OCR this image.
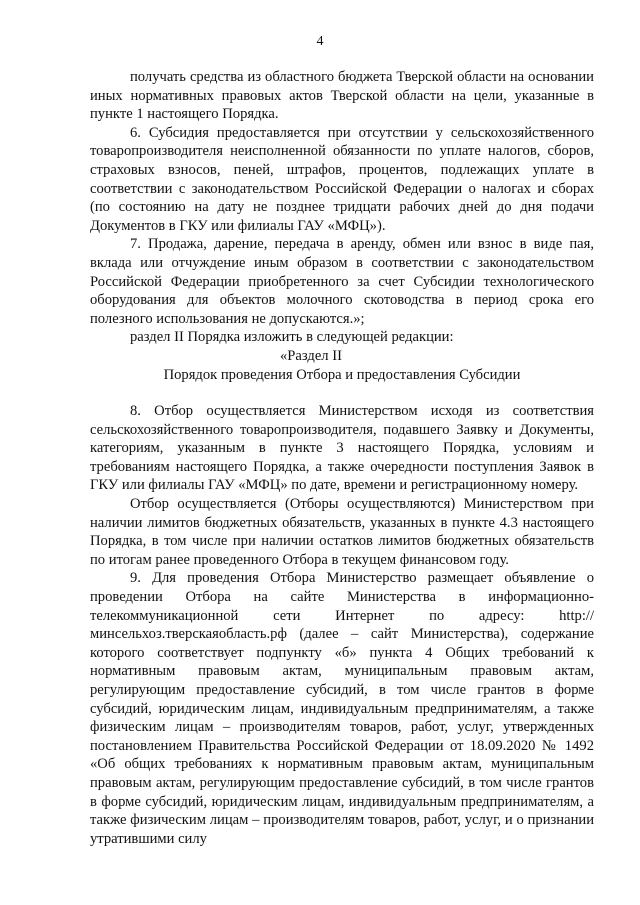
4

получать средства из областного бюджета Тверской области на основании иных нормативных правовых актов Тверской области на цели, указанные в пункте 1 настоящего Порядка.

6. Субсидия предоставляется при отсутствии у сельскохозяйственного товаропроизводителя неисполненной обязанности по уплате налогов, сборов, страховых взносов, пеней, штрафов, процентов, подлежащих уплате в соответствии с законодательством Российской Федерации о налогах и сборах (по состоянию на дату не позднее тридцати рабочих дней до дня подачи Документов в ГКУ или филиалы ГАУ «МФЦ»).

7. Продажа, дарение, передача в аренду, обмен или взнос в виде пая, вклада или отчуждение иным образом в соответствии с законодательством Российской Федерации приобретенного за счет Субсидии технологического оборудования для объектов молочного скотоводства в период срока его полезного использования не допускаются.»;

раздел II Порядка изложить в следующей редакции:

«Раздел II

Порядок проведения Отбора и предоставления Субсидии

8. Отбор осуществляется Министерством исходя из соответствия сельскохозяйственного товаропроизводителя, подавшего Заявку и Документы, категориям, указанным в пункте 3 настоящего Порядка, условиям и требованиям настоящего Порядка, а также очередности поступления Заявок в ГКУ или филиалы ГАУ «МФЦ» по дате, времени и регистрационному номеру.

Отбор осуществляется (Отборы осуществляются) Министерством при наличии лимитов бюджетных обязательств, указанных в пункте 4.3 настоящего Порядка, в том числе при наличии остатков лимитов бюджетных обязательств по итогам ранее проведенного Отбора в текущем финансовом году.

9. Для проведения Отбора Министерство размещает объявление о проведении Отбора на сайте Министерства в информационно-телекоммуникационной сети Интернет по адресу: http://минсельхоз.тверскаяобласть.рф (далее – сайт Министерства), содержание которого соответствует подпункту «б» пункта 4 Общих требований к нормативным правовым актам, муниципальным правовым актам, регулирующим предоставление субсидий, в том числе грантов в форме субсидий, юридическим лицам, индивидуальным предпринимателям, а также физическим лицам – производителям товаров, работ, услуг, утвержденных постановлением Правительства Российской Федерации от 18.09.2020 № 1492 «Об общих требованиях к нормативным правовым актам, муниципальным правовым актам, регулирующим предоставление субсидий, в том числе грантов в форме субсидий, юридическим лицам, индивидуальным предпринимателям, а также физическим лицам – производителям товаров, работ, услуг, и о признании утратившими силу
